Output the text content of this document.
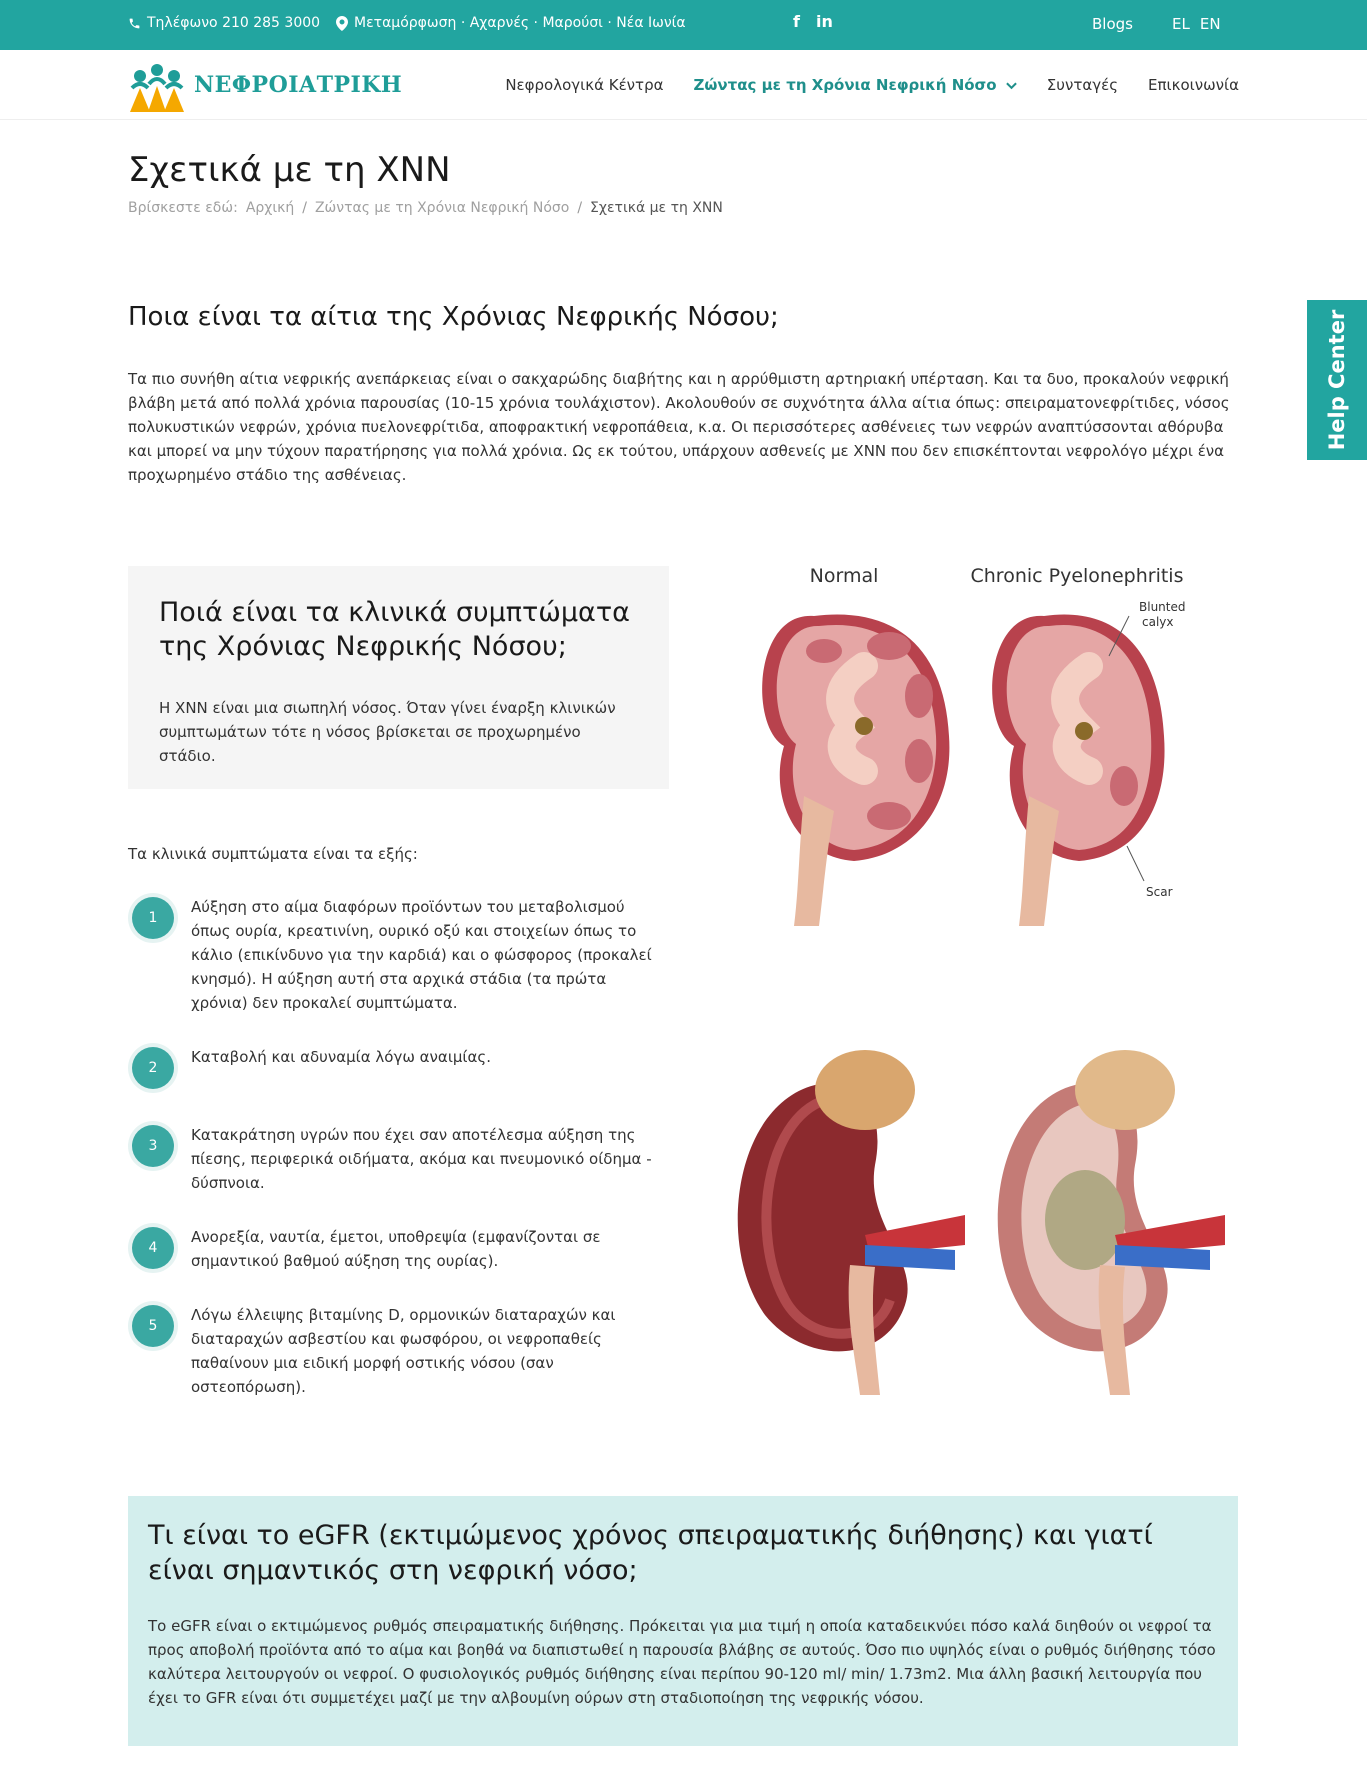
Τηλέφωνο 210 285 3000 Μεταμόρφωση · Αχαρνές · Μαρούσι · Νέα Ιωνία	f in	Blogs	EL EN
ΝΕΦΡΟΙΑΤΡΙΚΗ	Νεφρολογικά Κέντρα Ζώντας με τη Χρόνια Νεφρική Νόσο	Συνταγές Επικοινωνία
Σχετικά με τη ΧΝΝ
Βρίσκεστε εδώ: Αρχική / Ζώντας με τη Χρόνια Νεφρική Νόσο / Σχετικά με τη ΧΝΝ
Ποια είναι τα αίτια της Χρόνιας Νεφρικής Νόσου;

Τα πιο συνήθη αίτια νεφρικής ανεπάρκειας είναι ο σακχαρώδης διαβήτης και η αρρύθμιστη αρτηριακή υπέρταση. Και τα δυο, προκαλούν νεφρική βλάβη μετά από πολλά χρόνια παρουσίας (10-15 χρόνια τουλάχιστον). Ακολουθούν σε συχνότητα άλλα αίτια όπως: σπειραματονεφρίτιδες, νόσος πολυκυστικών νεφρών, χρόνια πυελονεφρίτιδα, αποφρακτική νεφροπάθεια, κ.α. Οι περισσότερες ασθένειες των νεφρών αναπτύσσονται αθόρυβα και μπορεί να μην τύχουν παρατήρησης για πολλά χρόνια. Ως εκ τούτου, υπάρχουν ασθενείς με ΧΝΝ που δεν επισκέπτονται νεφρολόγο μέχρι ένα προχωρημένο στάδιο της ασθένειας.

Help Center
Ποιά είναι τα κλινικά συμπτώματα της Χρόνιας Νεφρικής Νόσου;

Η ΧΝΝ είναι μια σιωπηλή νόσος. Όταν γίνει έναρξη κλινικών συμπτωμάτων τότε η νόσος βρίσκεται σε προχωρημένο στάδιο.

Τα κλινικά συμπτώματα είναι τα εξής:

1
Αύξηση στο αίμα διαφόρων προϊόντων του μεταβολισμού όπως ουρία, κρεατινίνη, ουρικό οξύ και στοιχείων όπως το κάλιο (επικίνδυνο για την καρδιά) και ο φώσφορος (προκαλεί κνησμό). Η αύξηση αυτή στα αρχικά στάδια (τα πρώτα χρόνια) δεν προκαλεί συμπτώματα.
2
Καταβολή και αδυναμία λόγω αναιμίας.
3
Κατακράτηση υγρών που έχει σαν αποτέλεσμα αύξηση της πίεσης, περιφερικά οιδήματα, ακόμα και πνευμονικό οίδημα - δύσπνοια.
4
Ανορεξία, ναυτία, έμετοι, υποθρεψία (εμφανίζονται σε σημαντικού βαθμού αύξηση της ουρίας).
5
Λόγω έλλειψης βιταμίνης D, ορμονικών διαταραχών και διαταραχών ασβεστίου και φωσφόρου, οι νεφροπαθείς παθαίνουν μια ειδική μορφή οστικής νόσου (σαν οστεοπόρωση).
Normal	Chronic Pyelonephritis
Blunted
calyx
Scar
Τι είναι το eGFR (εκτιμώμενος χρόνος σπειραματικής διήθησης) και γιατί είναι σημαντικός στη νεφρική νόσο;

Το eGFR είναι ο εκτιμώμενος ρυθμός σπειραματικής διήθησης. Πρόκειται για μια τιμή η οποία καταδεικνύει πόσο καλά διηθούν οι νεφροί τα προς αποβολή προϊόντα από το αίμα και βοηθά να διαπιστωθεί η παρουσία βλάβης σε αυτούς. Όσο πιο υψηλός είναι ο ρυθμός διήθησης τόσο καλύτερα λειτουργούν οι νεφροί. Ο φυσιολογικός ρυθμός διήθησης είναι περίπου 90-120 ml/ min/ 1.73m2. Μια άλλη βασική λειτουργία που έχει το GFR είναι ότι συμμετέχει μαζί με την αλβουμίνη ούρων στη σταδιοποίηση της νεφρικής νόσου.
